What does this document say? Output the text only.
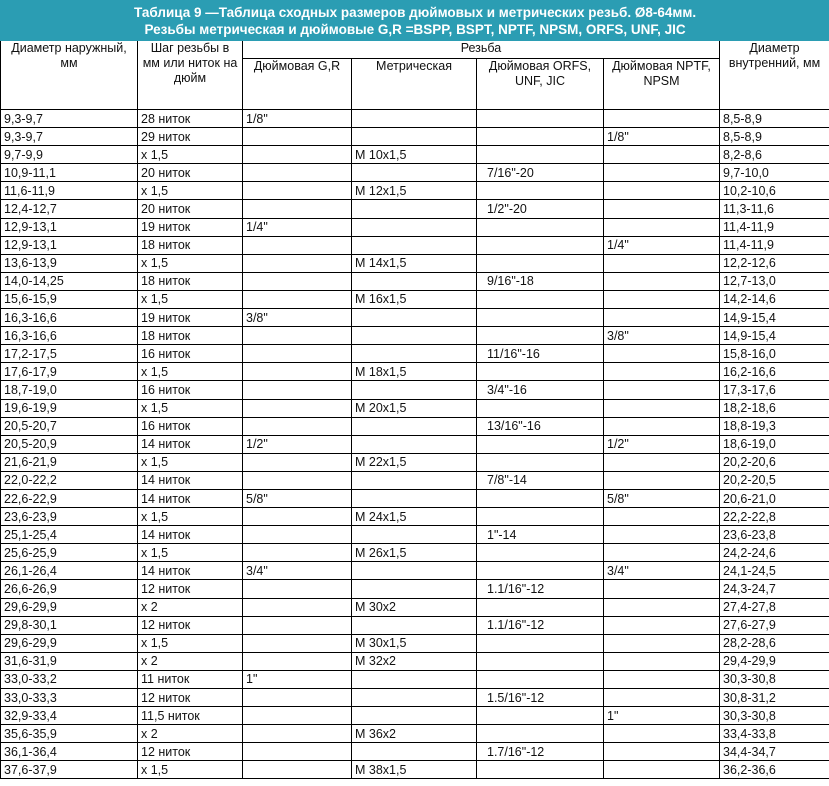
Таблица 9 —Таблица сходных размеров дюймовых и метрических резьб. Ø8-64мм.
Резьбы метрическая и дюймовые G,R =BSPP, BSPT, NPTF, NPSM, ORFS, UNF, JIC						

Диаметр наружный, мм	Шаг резьбы в мм или ниток на дюйм	Резьба				Диаметр внутренний, мм
		Дюймовая G,R	Метрическая	Дюймовая ORFS, UNF, JIC	Дюймовая NPTF, NPSM	
9,3-9,7	28 ниток	1/8"				8,5-8,9
9,3-9,7	29 ниток				1/8"	8,5-8,9
9,7-9,9	х 1,5		М 10х1,5			8,2-8,6
10,9-11,1	20 ниток			7/16"-20		9,7-10,0
11,6-11,9	х 1,5		М 12х1,5			10,2-10,6
12,4-12,7	20 ниток			1/2"-20		11,3-11,6
12,9-13,1	19 ниток	1/4"				11,4-11,9
12,9-13,1	18 ниток				1/4"	11,4-11,9
13,6-13,9	х 1,5		М 14х1,5			12,2-12,6
14,0-14,25	18 ниток			9/16"-18		12,7-13,0
15,6-15,9	х 1,5		М 16х1,5			14,2-14,6
16,3-16,6	19 ниток	3/8"				14,9-15,4
16,3-16,6	18 ниток				3/8"	14,9-15,4
17,2-17,5	16 ниток			11/16"-16		15,8-16,0
17,6-17,9	х 1,5		М 18х1,5			16,2-16,6
18,7-19,0	16 ниток			3/4"-16		17,3-17,6
19,6-19,9	х 1,5		М 20х1,5			18,2-18,6
20,5-20,7	16 ниток			13/16"-16		18,8-19,3
20,5-20,9	14 ниток	1/2"			1/2"	18,6-19,0
21,6-21,9	х 1,5		М 22х1,5			20,2-20,6
22,0-22,2	14 ниток			7/8"-14		20,2-20,5
22,6-22,9	14 ниток	5/8"			5/8"	20,6-21,0
23,6-23,9	х 1,5		М 24х1,5			22,2-22,8
25,1-25,4	14 ниток			1"-14		23,6-23,8
25,6-25,9	х 1,5		М 26х1,5			24,2-24,6
26,1-26,4	14 ниток	3/4"			3/4"	24,1-24,5
26,6-26,9	12 ниток			1.1/16"-12		24,3-24,7
29,6-29,9	х 2		М 30х2			27,4-27,8
29,8-30,1	12 ниток			1.1/16"-12		27,6-27,9
29,6-29,9	х 1,5		М 30х1,5			28,2-28,6
31,6-31,9	х 2		М 32х2			29,4-29,9
33,0-33,2	11 ниток	1"				30,3-30,8
33,0-33,3	12 ниток			1.5/16"-12		30,8-31,2
32,9-33,4	11,5 ниток				1"	30,3-30,8
35,6-35,9	х 2		М 36х2			33,4-33,8
36,1-36,4	12 ниток			1.7/16"-12		34,4-34,7
37,6-37,9	х 1,5		М 38х1,5			36,2-36,6
